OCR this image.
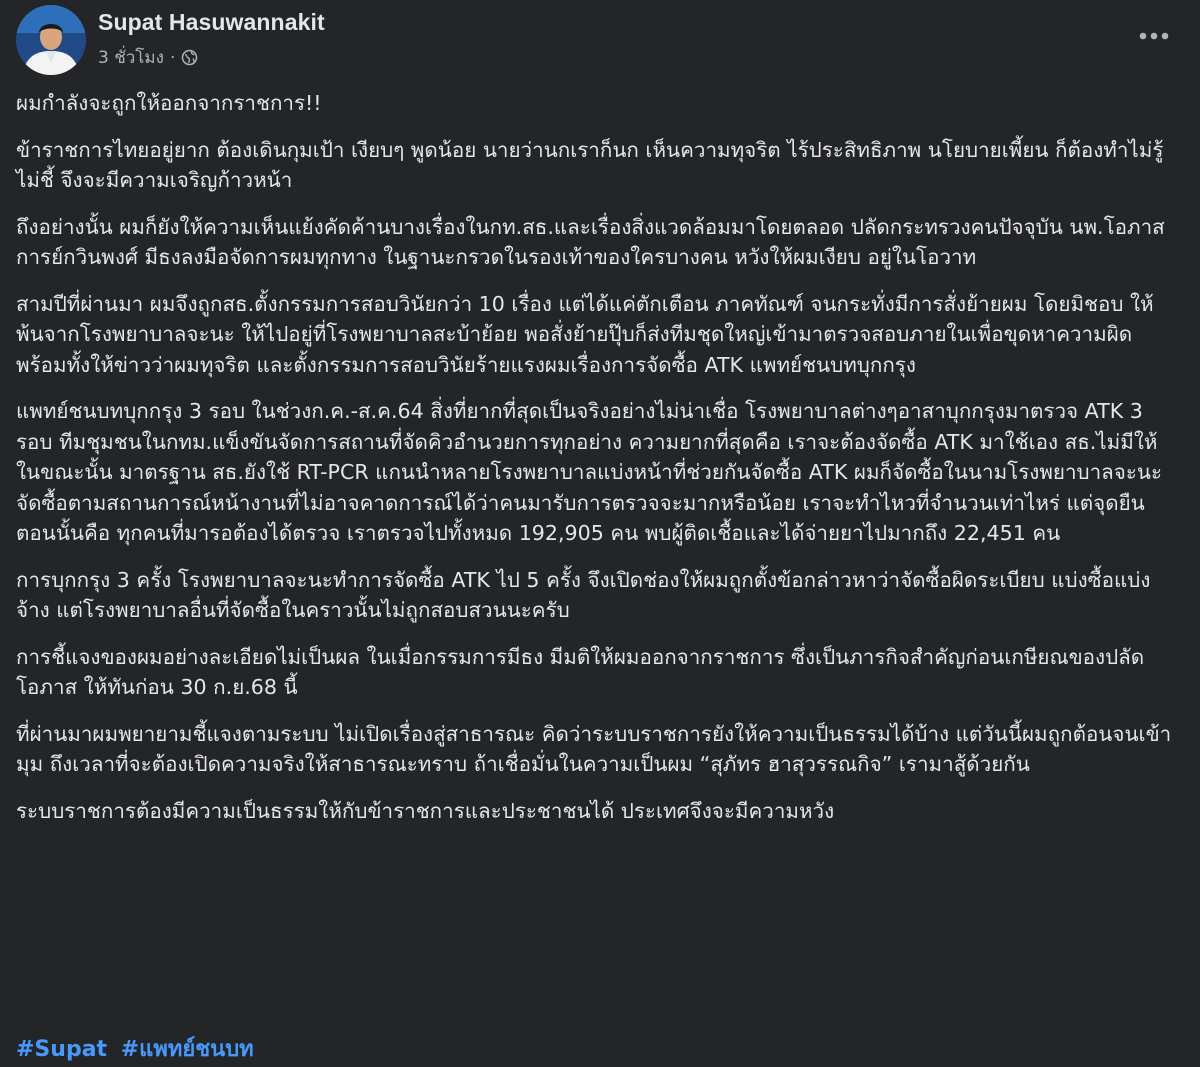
Supat Hasuwannakit
3 ชั่วโมง ·

ผมกำลังจะถูกให้ออกจากราชการ!!

ข้าราชการไทยอยู่ยาก ต้องเดินกุมเป้า เงียบๆ พูดน้อย นายว่านกเราก็นก เห็นความทุจริต ไร้ประสิทธิภาพ นโยบายเพี้ยน ก็ต้องทำไม่รู้ไม่ชี้ จึงจะมีความเจริญก้าวหน้า

ถึงอย่างนั้น ผมก็ยังให้ความเห็นแย้งคัดค้านบางเรื่องในกท.สธ.และเรื่องสิ่งแวดล้อมมาโดยตลอด ปลัดกระทรวงคนปัจจุบัน นพ.โอภาส การย์กวินพงศ์ มีธงลงมือจัดการผมทุกทาง ในฐานะกรวดในรองเท้าของใครบางคน หวังให้ผมเงียบ อยู่ในโอวาท

สามปีที่ผ่านมา ผมจึงถูกสธ.ตั้งกรรมการสอบวินัยกว่า 10 เรื่อง แต่ได้แค่ตักเตือน ภาคทัณฑ์ จนกระทั่งมีการสั่งย้ายผม โดยมิชอบ ให้พ้นจากโรงพยาบาลจะนะ ให้ไปอยู่ที่โรงพยาบาลสะบ้าย้อย พอสั่งย้ายปุ๊บก็ส่งทีมชุดใหญ่เข้ามาตรวจสอบภายในเพื่อขุดหาความผิด พร้อมทั้งให้ข่าวว่าผมทุจริต และตั้งกรรมการสอบวินัยร้ายแรงผมเรื่องการจัดซื้อ ATK แพทย์ชนบทบุกกรุง

แพทย์ชนบทบุกกรุง 3 รอบ ในช่วงก.ค.-ส.ค.64 สิ่งที่ยากที่สุดเป็นจริงอย่างไม่น่าเชื่อ โรงพยาบาลต่างๆอาสาบุกกรุงมาตรวจ ATK 3 รอบ ทีมชุมชนในกทม.แข็งขันจัดการสถานที่จัดคิวอำนวยการทุกอย่าง ความยากที่สุดคือ เราจะต้องจัดซื้อ ATK มาใช้เอง สธ.ไม่มีให้ ในขณะนั้น มาตรฐาน สธ.ยังใช้ RT-PCR แกนนำหลายโรงพยาบาลแบ่งหน้าที่ช่วยกันจัดซื้อ ATK ผมก็จัดซื้อในนามโรงพยาบาลจะนะ จัดซื้อตามสถานการณ์หน้างานที่ไม่อาจคาดการณ์ได้ว่าคนมารับการตรวจจะมากหรือน้อย เราจะทำไหวที่จำนวนเท่าไหร่ แต่จุดยืนตอนนั้นคือ ทุกคนที่มารอต้องได้ตรวจ เราตรวจไปทั้งหมด 192,905 คน พบผู้ติดเชื้อและได้จ่ายยาไปมากถึง 22,451 คน

การบุกกรุง 3 ครั้ง โรงพยาบาลจะนะทำการจัดซื้อ ATK ไป 5 ครั้ง จึงเปิดช่องให้ผมถูกตั้งข้อกล่าวหาว่าจัดซื้อผิดระเบียบ แบ่งซื้อแบ่งจ้าง แต่โรงพยาบาลอื่นที่จัดซื้อในคราวนั้นไม่ถูกสอบสวนนะครับ

การชี้แจงของผมอย่างละเอียดไม่เป็นผล ในเมื่อกรรมการมีธง มีมติให้ผมออกจากราชการ ซึ่งเป็นภารกิจสำคัญก่อนเกษียณของปลัดโอภาส ให้ทันก่อน 30 ก.ย.68 นี้

ที่ผ่านมาผมพยายามชี้แจงตามระบบ ไม่เปิดเรื่องสู่สาธารณะ คิดว่าระบบราชการยังให้ความเป็นธรรมได้บ้าง แต่วันนี้ผมถูกต้อนจนเข้ามุม ถึงเวลาที่จะต้องเปิดความจริงให้สาธารณะทราบ ถ้าเชื่อมั่นในความเป็นผม “สุภัทร ฮาสุวรรณกิจ” เรามาสู้ด้วยกัน

ระบบราชการต้องมีความเป็นธรรมให้กับข้าราชการและประชาชนได้ ประเทศจึงจะมีความหวัง

#Supat #แพทย์ชนบท
